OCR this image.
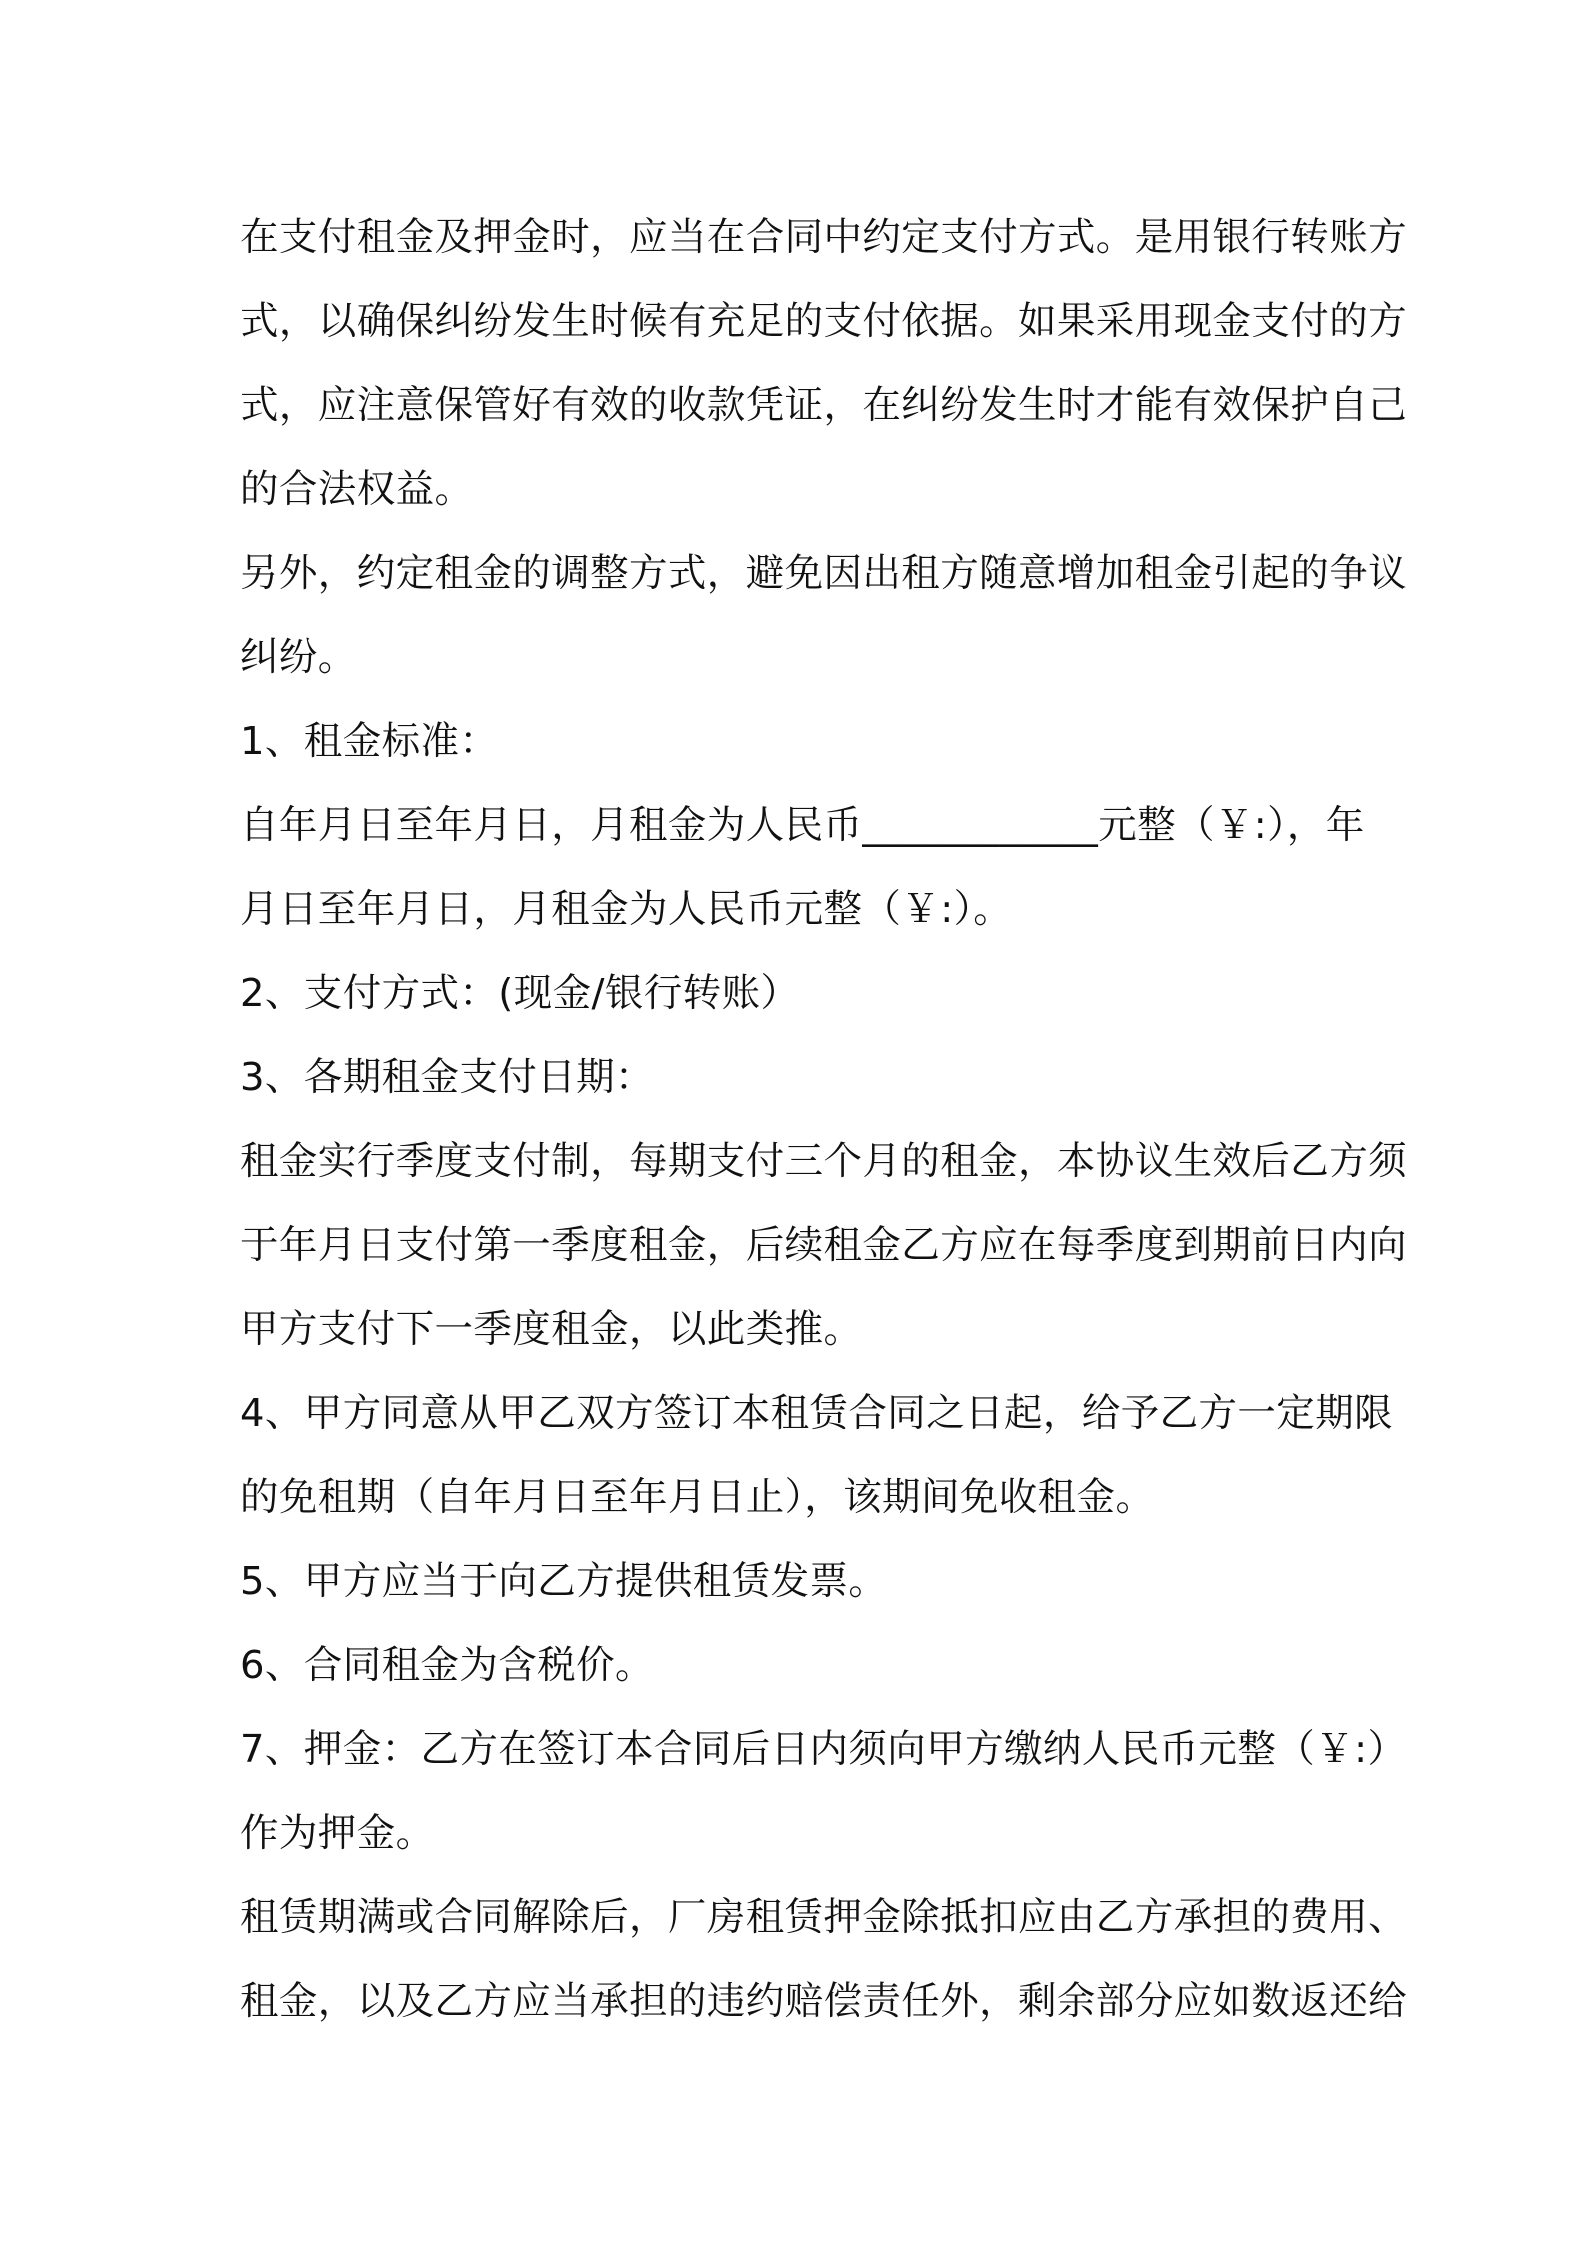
在支付租金及押金时，应当在合同中约定支付方式。是用银行转账方
式，以确保纠纷发生时候有充足的支付依据。如果采用现金支付的方
式，应注意保管好有效的收款凭证，在纠纷发生时才能有效保护自己
的合法权益。
另外，约定租金的调整方式，避免因出租方随意增加租金引起的争议
纠纷。
1、租金标准：
自年月日至年月日，月租金为人民币____________元整（￥:），年
月日至年月日，月租金为人民币元整（￥:）。
2、支付方式：(现金/银行转账）
3、各期租金支付日期：
租金实行季度支付制，每期支付三个月的租金，本协议生效后乙方须
于年月日支付第一季度租金，后续租金乙方应在每季度到期前日内向
甲方支付下一季度租金，以此类推。
4、甲方同意从甲乙双方签订本租赁合同之日起，给予乙方一定期限
的免租期（自年月日至年月日止），该期间免收租金。
5、甲方应当于向乙方提供租赁发票。
6、合同租金为含税价。
7、押金：乙方在签订本合同后日内须向甲方缴纳人民币元整（￥:）
作为押金。
租赁期满或合同解除后，厂房租赁押金除抵扣应由乙方承担的费用、
租金，以及乙方应当承担的违约赔偿责任外，剩余部分应如数返还给
